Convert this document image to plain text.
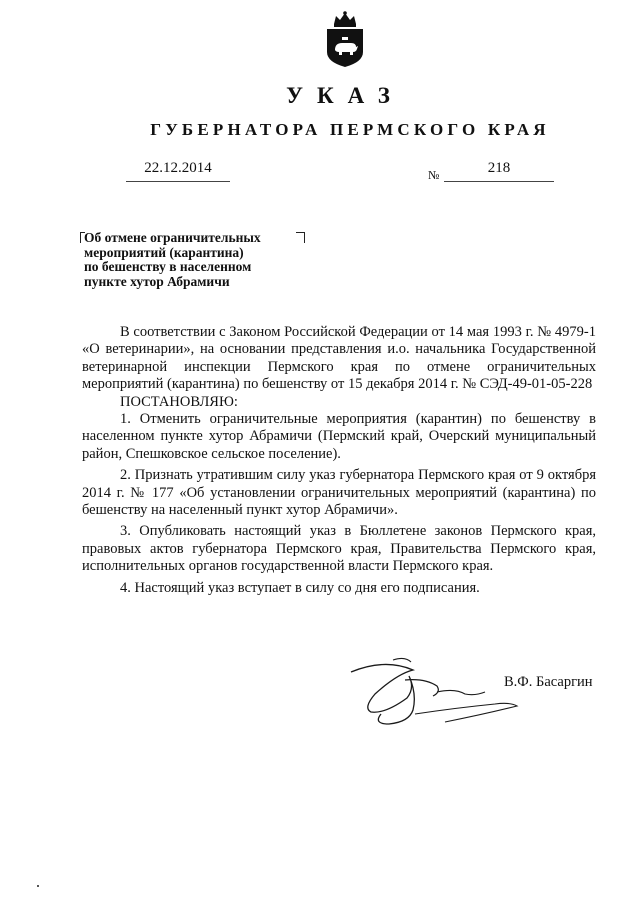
УКАЗ
ГУБЕРНАТОРА ПЕРМСКОГО КРАЯ
22.12.2014	№	218
Об отмене ограничительных
мероприятий (карантина)
по бешенству в населенном
пункте хутор Абрамичи

В соответствии с Законом Российской Федерации от 14 мая 1993 г. № 4979-1 «О ветеринарии», на основании представления и.о. начальника Государственной ветеринарной инспекции Пермского края по отмене ограничительных мероприятий (карантина) по бешенству от 15 декабря 2014 г. № СЭД-49-01-05-228

ПОСТАНОВЛЯЮ:

1. Отменить ограничительные мероприятия (карантин) по бешенству в населенном пункте хутор Абрамичи (Пермский край, Очерский муниципальный район, Спешковское сельское поселение).

2. Признать утратившим силу указ губернатора Пермского края от 9 октября 2014 г. № 177 «Об установлении ограничительных мероприятий (карантина) по бешенству на населенный пункт хутор Абрамичи».

3. Опубликовать настоящий указ в Бюллетене законов Пермского края, правовых актов губернатора Пермского края, Правительства Пермского края, исполнительных органов государственной власти Пермского края.

4. Настоящий указ вступает в силу со дня его подписания.

В.Ф. Басаргин
